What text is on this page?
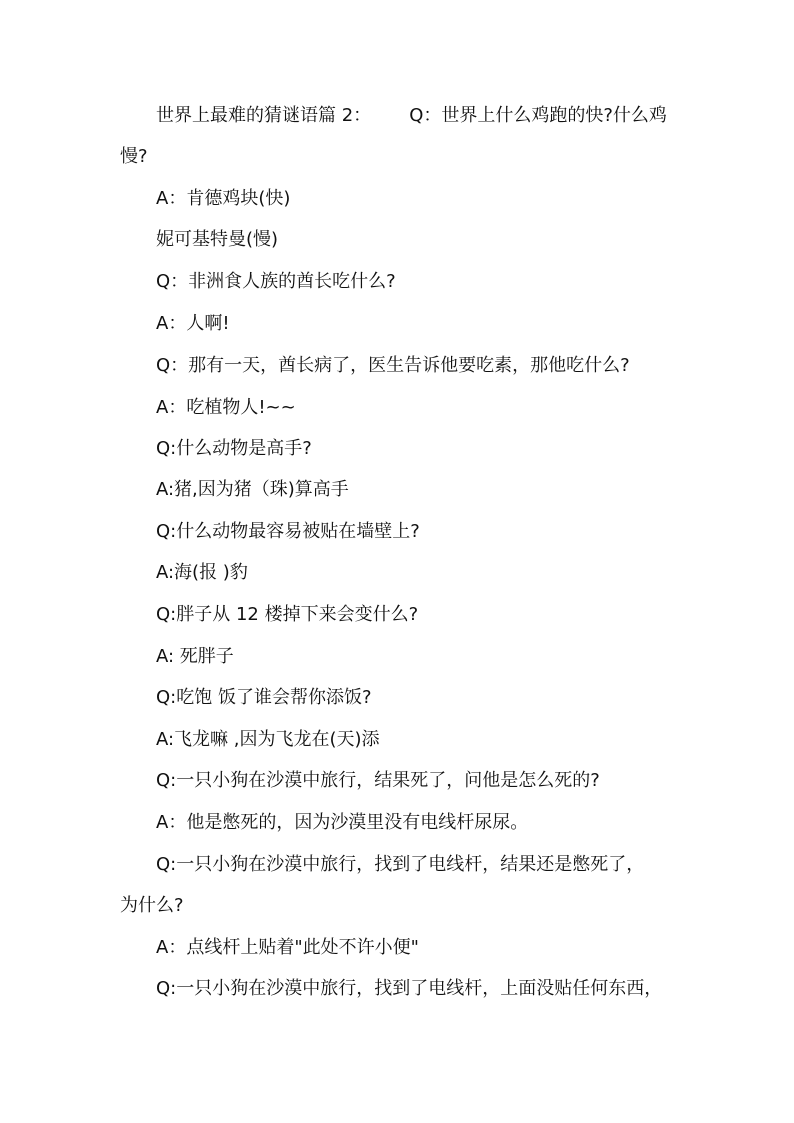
世界上最难的猜谜语篇 2： Q：世界上什么鸡跑的快?什么鸡
慢?
A：肯德鸡块(快)
妮可基特曼(慢)
Q：非洲食人族的酋长吃什么?
A：人啊!
Q：那有一天，酋长病了，医生告诉他要吃素，那他吃什么?
A：吃植物人!~~
Q:什么动物是高手?
A:猪,因为猪（珠)算高手
Q:什么动物最容易被贴在墙壁上?
A:海(报 )豹
Q:胖子从 12 楼掉下来会变什么?
A: 死胖子
Q:吃饱 饭了谁会帮你添饭?
A:飞龙嘛 ,因为飞龙在(天)添
Q:一只小狗在沙漠中旅行，结果死了，问他是怎么死的?
A：他是憋死的，因为沙漠里没有电线杆尿尿。
Q:一只小狗在沙漠中旅行，找到了电线杆，结果还是憋死了，
为什么?
A：点线杆上贴着"此处不许小便"
Q:一只小狗在沙漠中旅行，找到了电线杆，上面没贴任何东西，
